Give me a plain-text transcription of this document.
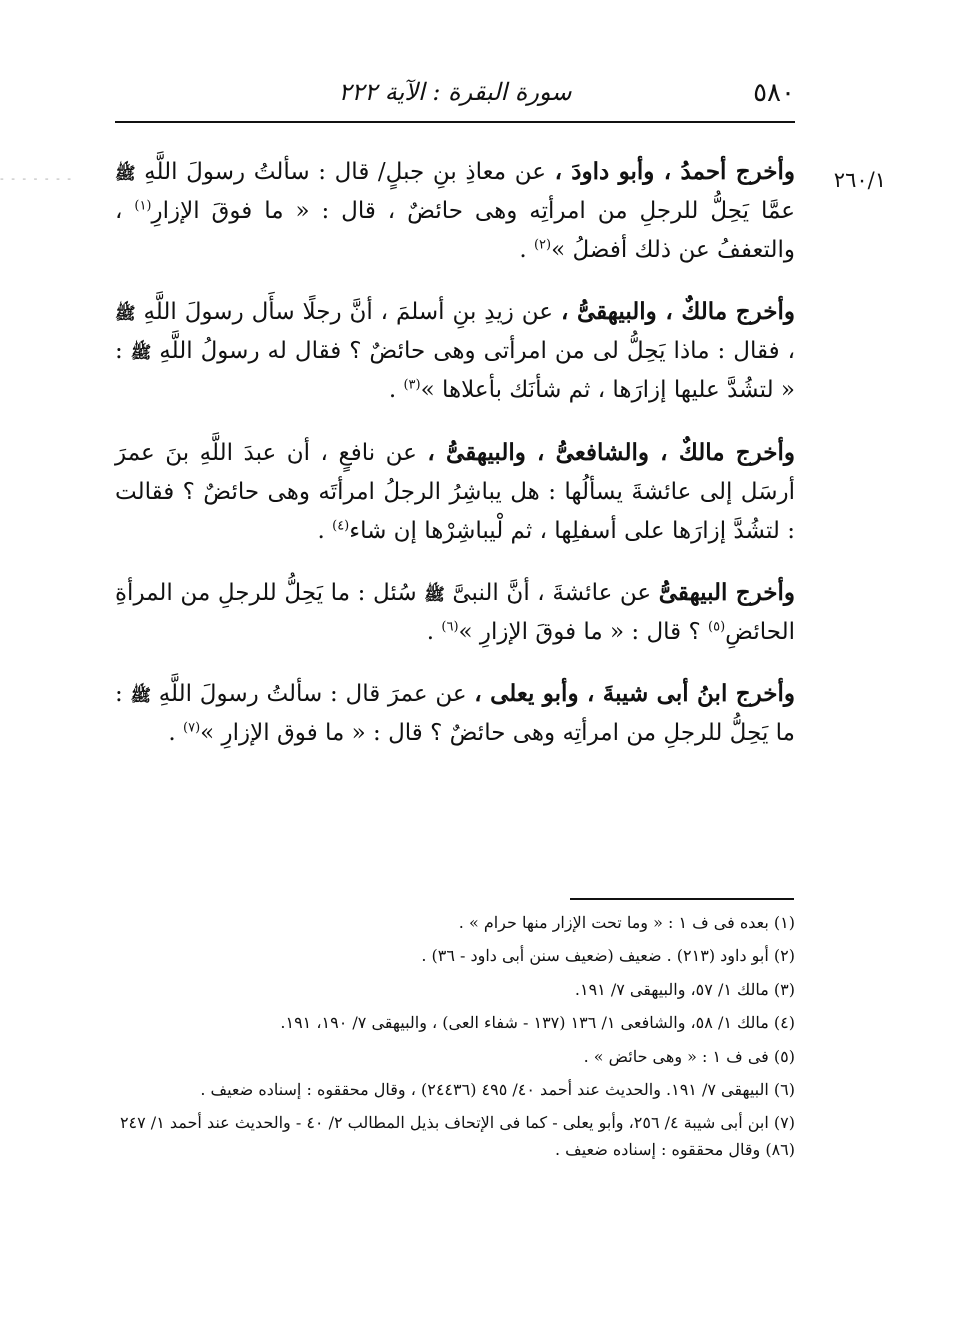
٥٨٠
سورة البقرة : الآية ٢٢٢
- - - - - - -	٢٦٠/١

وأخرج أحمدُ ، وأبو داودَ ، عن معاذِ بنِ جبلٍ/ قال : سألتُ رسولَ اللَّهِ ﷺ عمَّا يَحِلُّ للرجلِ من امرأتِه وهى حائضٌ ، قال : « ما فوقَ الإزارِ$^{(١)}$ ، والتعففُ عن ذلك أفضلُ »$^{(٢)}$ .

وأخرج مالكٌ ، والبيهقىُّ ، عن زيدِ بنِ أسلمَ ، أنَّ رجلًا سأَل رسولَ اللَّهِ ﷺ ، فقال : ماذا يَحِلُّ لى من امرأتى وهى حائضٌ ؟ فقال له رسولُ اللَّهِ ﷺ : « لتشُدَّ عليها إزارَها ، ثم شأنَك بأعلاها »$^{(٣)}$ .

وأخرج مالكٌ ، والشافعىُّ ، والبيهقىُّ ، عن نافعٍ ، أن عبدَ اللَّهِ بنَ عمرَ أرسَل إلى عائشةَ يسألُها : هل يباشِرُ الرجلُ امرأتَه وهى حائضٌ ؟ فقالت : لتشُدَّ إزارَها على أسفلِها ، ثم لْيباشِرْها إن شاء$^{(٤)}$ .

وأخرج البيهقىُّ عن عائشةَ ، أنَّ النبىَّ ﷺ سُئل : ما يَحِلُّ للرجلِ من المرأةِ الحائضِ$^{(٥)}$ ؟ قال : « ما فوقَ الإزارِ »$^{(٦)}$ .

وأخرج ابنُ أبى شيبةَ ، وأبو يعلى ، عن عمرَ قال : سألتُ رسولَ اللَّهِ ﷺ : ما يَحِلُّ للرجلِ من امرأتِه وهى حائضٌ ؟ قال : « ما فوق الإزارِ »$^{(٧)}$ .

(١) بعده فى ف ١ : « وما تحت الإزار منها حرام » .
(٢) أبو داود (٢١٣) . ضعيف (ضعيف سنن أبى داود - ٣٦) .
(٣) مالك ١/ ٥٧، والبيهقى ٧/ ١٩١.
(٤) مالك ١/ ٥٨، والشافعى ١/ ١٣٦ (١٣٧ - شفاء العى) ، والبيهقى ٧/ ١٩٠، ١٩١.
(٥) فى ف ١ : « وهى حائض » .
(٦) البيهقى ٧/ ١٩١. والحديث عند أحمد ٤٠/ ٤٩٥ (٢٤٤٣٦) ، وقال محققوه : إسناده ضعيف .
(٧) ابن أبى شيبة ٤/ ٢٥٦، وأبو يعلى - كما فى الإتحاف بذيل المطالب ٢/ ٤٠ - والحديث عند أحمد ١/ ٢٤٧ (٨٦) وقال محققوه : إسناده ضعيف .
